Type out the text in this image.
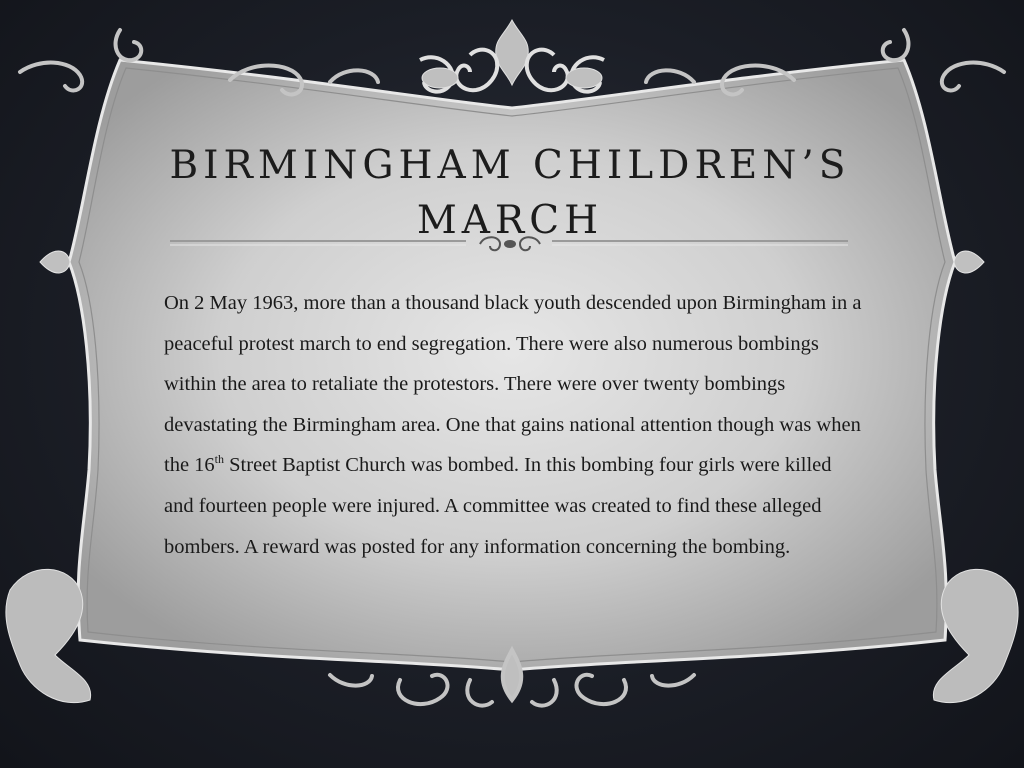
BIRMINGHAM CHILDREN’S
MARCH

On 2 May 1963, more than a thousand black youth descended upon Birmingham in a peaceful protest march to end segregation. There were also numerous bombings within the area to retaliate the protestors. There were over twenty bombings devastating the Birmingham area. One that gains national attention though was when the 16th Street Baptist Church was bombed. In this bombing four girls were killed and fourteen people were injured. A committee was created to find these alleged bombers. A reward was posted for any information concerning the bombing.
